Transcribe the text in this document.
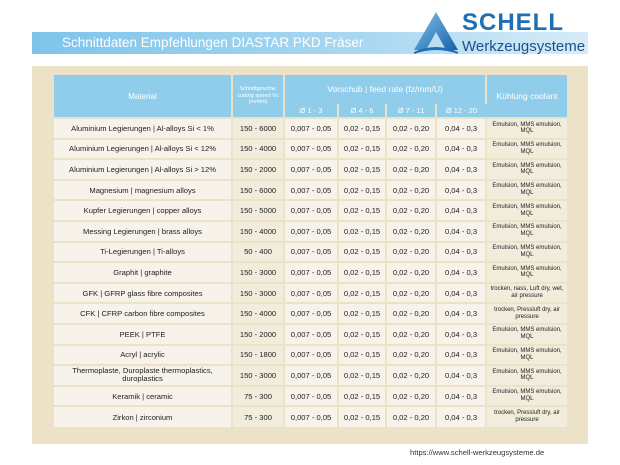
Schnittdaten Empfehlungen DIASTAR PKD Fräser
SCHELL
Werkzeugsysteme
Material	Schnittgeschw. cutting speed Vc (m/min)	Vorschub | feed rate (fz/mm/U)				Kühlung coolant
		Ø 1 - 3	Ø 4 - 6	Ø 7 - 11	Ø 12 - 20	
Aluminium Legierungen | Al-alloys Si < 1%	150 - 6000	0,007 - 0,05	0,02 - 0,15	0,02 - 0,20	0,04 - 0,3	Emulsion, MMS emulsion, MQL
Aluminium Legierungen | Al-alloys Si < 12%	150 - 4000	0,007 - 0,05	0,02 - 0,15	0,02 - 0,20	0,04 - 0,3	Emulsion, MMS emulsion, MQL
Aluminium Legierungen | Al-alloys Si > 12%	150 - 2000	0,007 - 0,05	0,02 - 0,15	0,02 - 0,20	0,04 - 0,3	Emulsion, MMS emulsion, MQL
Magnesium | magnesium alloys	150 - 6000	0,007 - 0,05	0,02 - 0,15	0,02 - 0,20	0,04 - 0,3	Emulsion, MMS emulsion, MQL
Kupfer Legierungen | copper alloys	150 - 5000	0,007 - 0,05	0,02 - 0,15	0,02 - 0,20	0,04 - 0,3	Emulsion, MMS emulsion, MQL
Messing Legierungen | brass alloys	150 - 4000	0,007 - 0,05	0,02 - 0,15	0,02 - 0,20	0,04 - 0,3	Emulsion, MMS emulsion, MQL
Ti-Legierungen | Ti-alloys	50 - 400	0,007 - 0,05	0,02 - 0,15	0,02 - 0,20	0,04 - 0,3	Emulsion, MMS emulsion, MQL
Graphit | graphite	150 - 3000	0,007 - 0,05	0,02 - 0,15	0,02 - 0,20	0,04 - 0,3	Emulsion, MMS emulsion, MQL
GFK | GFRP glass fibre composites	150 - 3000	0,007 - 0,05	0,02 - 0,15	0,02 - 0,20	0,04 - 0,3	trocken, nass, Luft dry, wet, air pressure
CFK | CFRP carbon fibre composites	150 - 4000	0,007 - 0,05	0,02 - 0,15	0,02 - 0,20	0,04 - 0,3	trocken, Pressluft dry, air pressure
PEEK | PTFE	150 - 2000	0,007 - 0,05	0,02 - 0,15	0,02 - 0,20	0,04 - 0,3	Emulsion, MMS emulsion, MQL
Acryl | acrylic	150 - 1800	0,007 - 0,05	0,02 - 0,15	0,02 - 0,20	0,04 - 0,3	Emulsion, MMS emulsion, MQL
Thermoplaste, Duroplaste thermoplastics, duroplastics	150 - 3000	0,007 - 0,05	0,02 - 0,15	0,02 - 0,20	0,04 - 0,3	Emulsion, MMS emulsion, MQL
Keramik | ceramic	75 - 300	0,007 - 0,05	0,02 - 0,15	0,02 - 0,20	0,04 - 0,3	Emulsion, MMS emulsion, MQL
Zirkon | zirconium	75 - 300	0,007 - 0,05	0,02 - 0,15	0,02 - 0,20	0,04 - 0,3	trocken, Pressluft dry, air pressure
https://www.schell-werkzeugsysteme.de
